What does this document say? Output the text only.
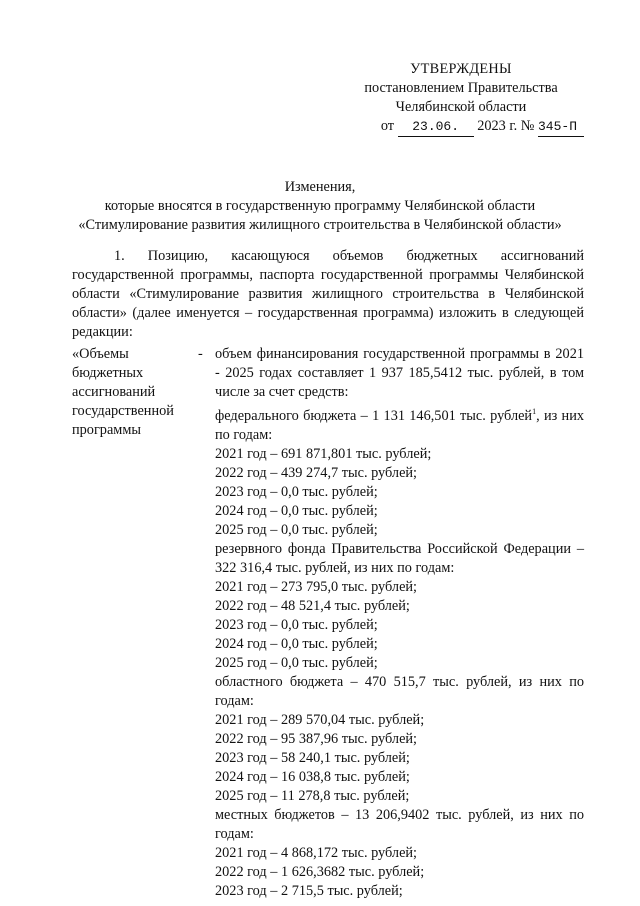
УТВЕРЖДЕНЫ
постановлением Правительства
Челябинской области
от 23.06. 2023 г. № 345-П
Изменения,
которые вносятся в государственную программу Челябинской области
«Стимулирование развития жилищного строительства в Челябинской области»
1. Позицию, касающуюся объемов бюджетных ассигнований государственной программы, паспорта государственной программы Челябинской области «Стимулирование развития жилищного строительства в Челябинской области» (далее именуется – государственная программа) изложить в следующей редакции:
«Объемы
бюджетных
ассигнований
государственной
программы
- объем финансирования государственной программы в 2021 - 2025 годах составляет 1 937 185,5412 тыс. рублей, в том числе за счет средств:
федерального бюджета – 1 131 146,501 тыс. рублей$^1$, из них по годам:
2021 год – 691 871,801 тыс. рублей;
2022 год – 439 274,7 тыс. рублей;
2023 год – 0,0 тыс. рублей;
2024 год – 0,0 тыс. рублей;
2025 год – 0,0 тыс. рублей;
резервного фонда Правительства Российской Федерации – 322 316,4 тыс. рублей, из них по годам:
2021 год – 273 795,0 тыс. рублей;
2022 год – 48 521,4 тыс. рублей;
2023 год – 0,0 тыс. рублей;
2024 год – 0,0 тыс. рублей;
2025 год – 0,0 тыс. рублей;
областного бюджета – 470 515,7 тыс. рублей, из них по годам:
2021 год – 289 570,04 тыс. рублей;
2022 год – 95 387,96 тыс. рублей;
2023 год – 58 240,1 тыс. рублей;
2024 год – 16 038,8 тыс. рублей;
2025 год – 11 278,8 тыс. рублей;
местных бюджетов – 13 206,9402 тыс. рублей, из них по годам:
2021 год – 4 868,172 тыс. рублей;
2022 год – 1 626,3682 тыс. рублей;
2023 год – 2 715,5 тыс. рублей;
